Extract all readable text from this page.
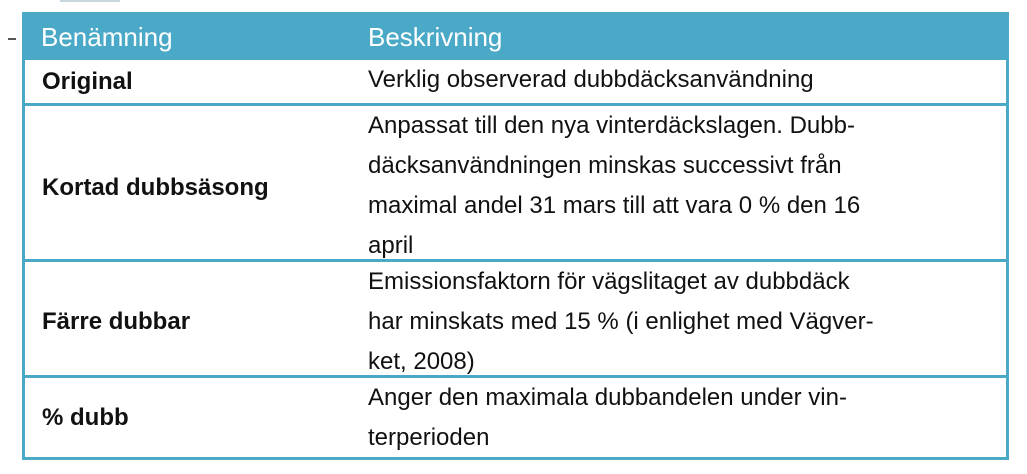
Benämning	Beskrivning
Original	Verklig observerad dubbdäcksanvändning
Kortad dubbsäsong
Anpassat till den nya vinterdäckslagen. Dubb-
däcksanvändningen minskas successivt från
maximal andel 31 mars till att vara 0 % den 16
april
Färre dubbar
Emissionsfaktorn för vägslitaget av dubbdäck
har minskats med 15 % (i enlighet med Vägver-
ket, 2008)
% dubb
Anger den maximala dubbandelen under vin-
terperioden
